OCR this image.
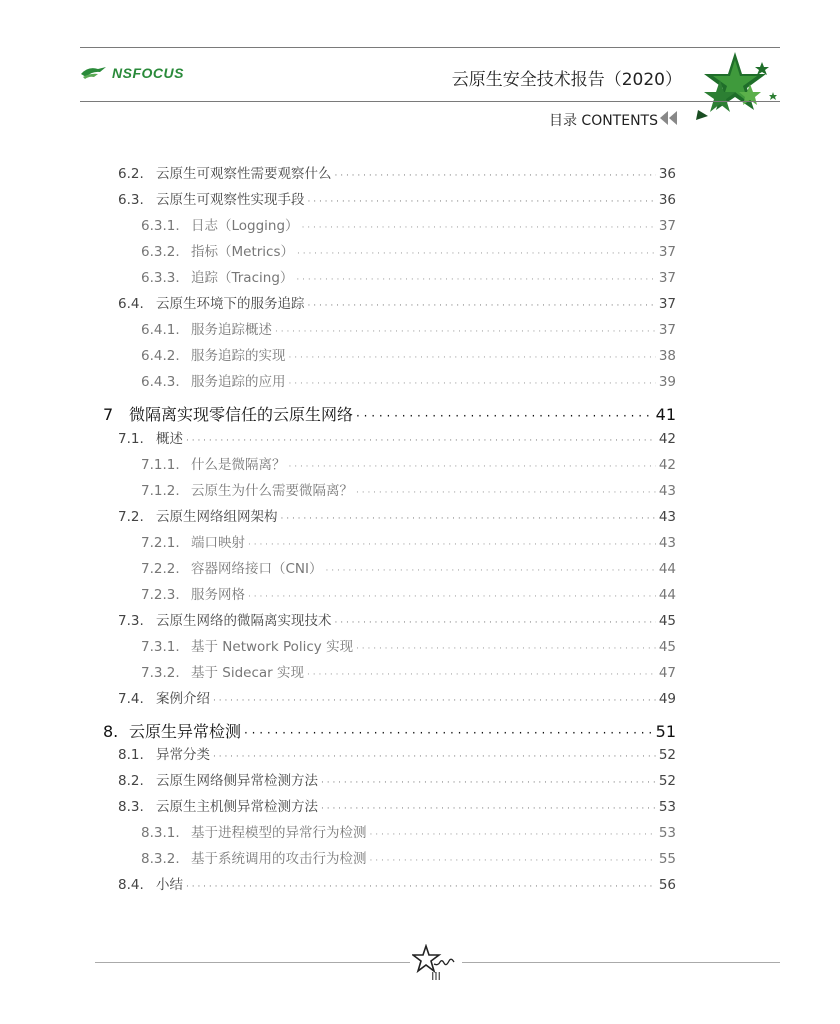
NSFOCUS	云原生安全技术报告（2020）
目录 CONTENTS
6.2. 云原生可观察性需要观察什么 · · ·	36
6.3. 云原生可观察性实现手段 · · ·	36
6.3.1. 日志（Logging） · · ·	37
6.3.2. 指标（Metrics） · · ·	37
6.3.3. 追踪（Tracing） · · ·	37
6.4. 云原生环境下的服务追踪 · · ·	37
6.4.1. 服务追踪概述 · · ·	37
6.4.2. 服务追踪的实现 · · ·	38
6.4.3. 服务追踪的应用 · · ·	39
7 微隔离实现零信任的云原生网络 · · ·	41
7.1. 概述 · · ·	42
7.1.1. 什么是微隔离？ · · ·	42
7.1.2. 云原生为什么需要微隔离？ · · ·	43
7.2. 云原生网络组网架构 · · ·	43
7.2.1. 端口映射 · · ·	43
7.2.2. 容器网络接口（CNI） · · ·	44
7.2.3. 服务网格 · · ·	44
7.3. 云原生网络的微隔离实现技术 · · ·	45
7.3.1. 基于 Network Policy 实现 · · ·	45
7.3.2. 基于 Sidecar 实现 · · ·	47
7.4. 案例介绍 · · ·	49
8. 云原生异常检测 · · ·	51
8.1. 异常分类 · · ·	52
8.2. 云原生网络侧异常检测方法 · · ·	52
8.3. 云原生主机侧异常检测方法 · · ·	53
8.3.1. 基于进程模型的异常行为检测 · · ·	53
8.3.2. 基于系统调用的攻击行为检测 · · ·	55
8.4. 小结 · · ·	56
III
